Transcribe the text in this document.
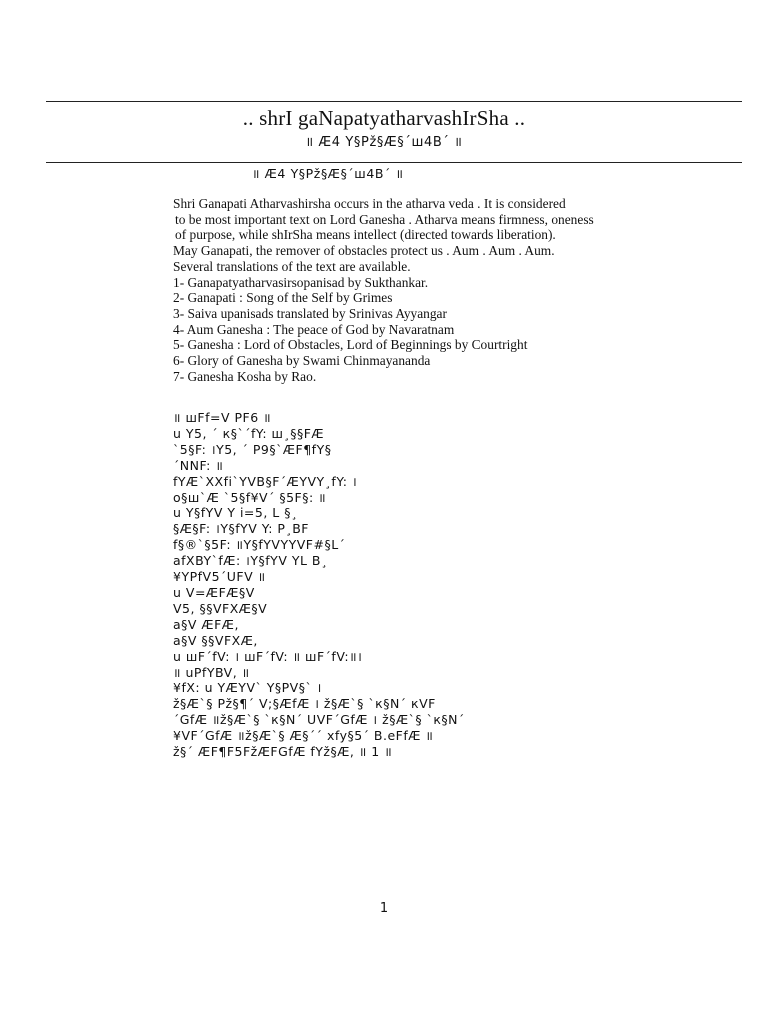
.. shrI gaNapatyatharvashIrSha ..
॥ Æ4 Y§Pž§Æ§´ш4B´ ॥
॥ Æ4 Y§Pž§Æ§´ш4B´ ॥
Shri Ganapati Atharvashirsha occurs in the atharva veda . It is considered
to be most important text on Lord Ganesha . Atharva means firmness, oneness
of purpose, while shIrSha means intellect (directed towards liberation).
May Ganapati, the remover of obstacles protect us . Aum . Aum . Aum.
Several translations of the text are available.
1- Ganapatyatharvasirsopanisad by Sukthankar.
2- Ganapati : Song of the Self by Grimes
3- Saiva upanisads translated by Srinivas Ayyangar
4- Aum Ganesha : The peace of God by Navaratnam
5- Ganesha : Lord of Obstacles, Lord of Beginnings by Courtright
6- Glory of Ganesha by Swami Chinmayananda
7- Ganesha Kosha by Rao.
॥ шFf=V PF6 ॥
u Y5, ´ к§`´fY: ш¸§§FÆ
`5§F: ।Y5, ´ P9§`ÆF¶fY§
´NNF: ॥
fYÆ`XXfi`YVB§F´ÆYVY¸fY: ।
o§ш`Æ `5§f¥V´ §5F§: ॥
u Y§fYV Y i=5, L §¸
§Æ§F: ।Y§fYV Y: P¸BF
f§®`§5F: ॥Y§fYVYYVF#§L´
afXBY`fÆ: ।Y§fYV YL B¸
¥YPfV5´UFV ॥
u V=ÆFÆ§V
V5, §§VFXÆ§V
a§V ÆFÆ,
a§V §§VFXÆ,
u шF´fV: । шF´fV: ॥ шF´fV:॥।
॥ uPfYBV, ॥
¥fX: u YÆYV` Y§PV§` ।
ž§Æ`§ Pž§¶´ V;§ÆfÆ । ž§Æ`§ `к§N´ кVF
´GfÆ ॥ž§Æ`§ `к§N´ UVF´GfÆ । ž§Æ`§ `к§N´
¥VF´GfÆ ॥ž§Æ`§ Æ§´´ xfy§5´ B.eFfÆ ॥
ž§´ ÆF¶F5FžÆFGfÆ fYž§Æ, ॥ 1 ॥
1
